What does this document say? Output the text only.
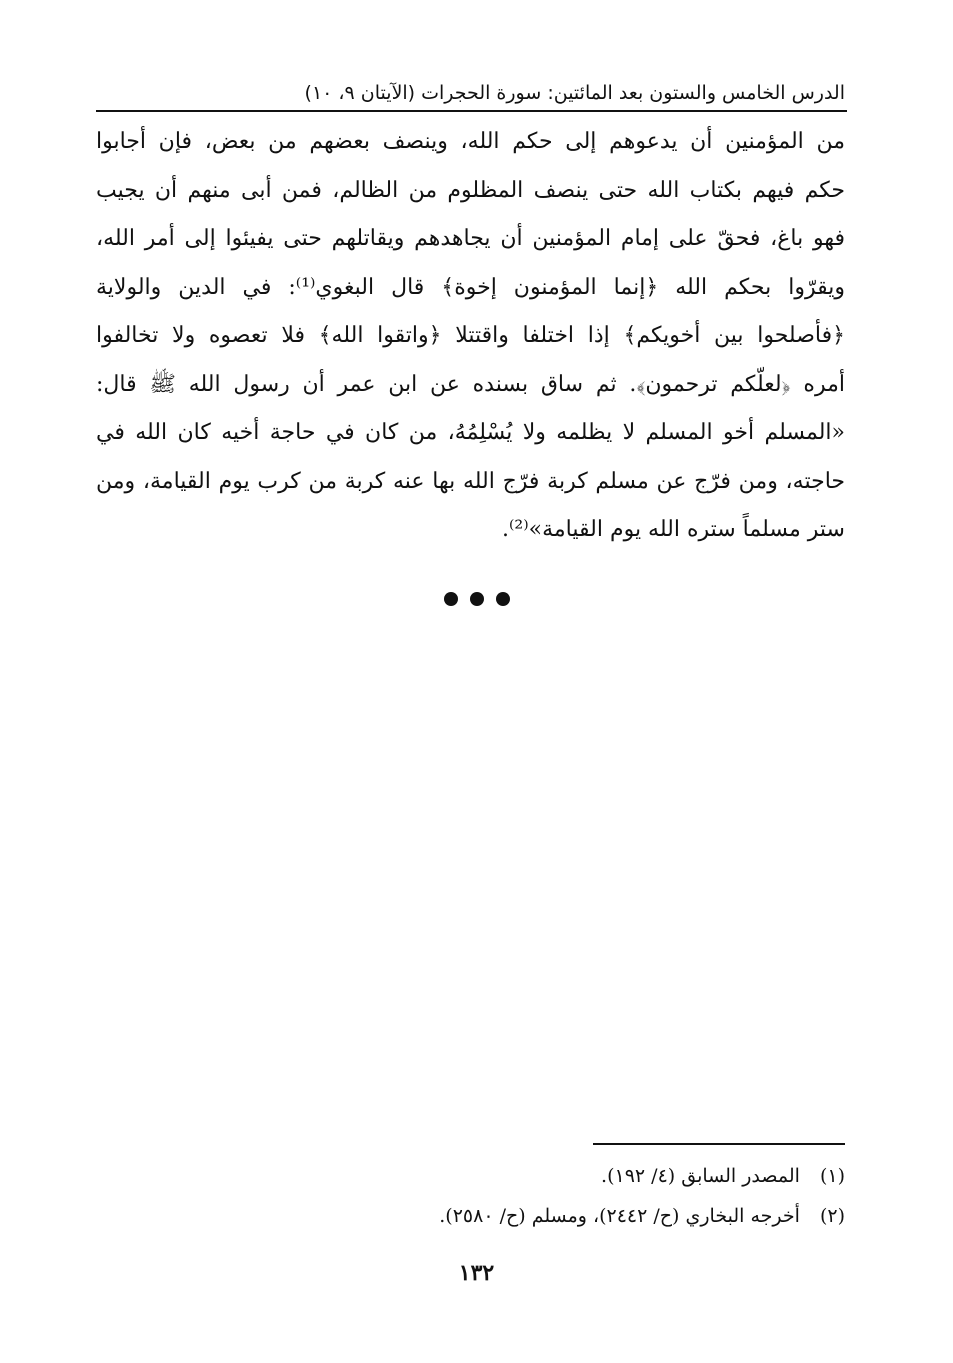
الدرس الخامس والستون بعد المائتين: سورة الحجرات (الآيتان ٩، ١٠)
من المؤمنين أن يدعوهم إلى حكم الله، وينصف بعضهم من بعض، فإن أجابوا
حكم فيهم بكتاب الله حتى ينصف المظلوم من الظالم، فمن أبى منهم أن يجيب
فهو باغ، فحقّ على إمام المؤمنين أن يجاهدهم ويقاتلهم حتى يفيئوا إلى أمر الله،
ويقرّوا بحكم الله ﴿إنما المؤمنون إخوة﴾ قال البغوي⁽¹⁾: في الدين والولاية
﴿فأصلحوا بين أخويكم﴾ إذا اختلفا واقتتلا ﴿واتقوا الله﴾ فلا تعصوه ولا تخالفوا
أمره ﴿لعلّكم ترحمون﴾. ثم ساق بسنده عن ابن عمر أن رسول الله ﷺ قال:
«المسلم أخو المسلم لا يظلمه ولا يُسْلِمُهُ، من كان في حاجة أخيه كان الله في
حاجته، ومن فرّج عن مسلم كربة فرّج الله بها عنه كربة من كرب يوم القيامة، ومن
ستر مسلماً ستره الله يوم القيامة»⁽²⁾.

(١) المصدر السابق (٤/ ١٩٢).
(٢) أخرجه البخاري (ح/ ٢٤٤٢)، ومسلم (ح/ ٢٥٨٠).
١٣٢
